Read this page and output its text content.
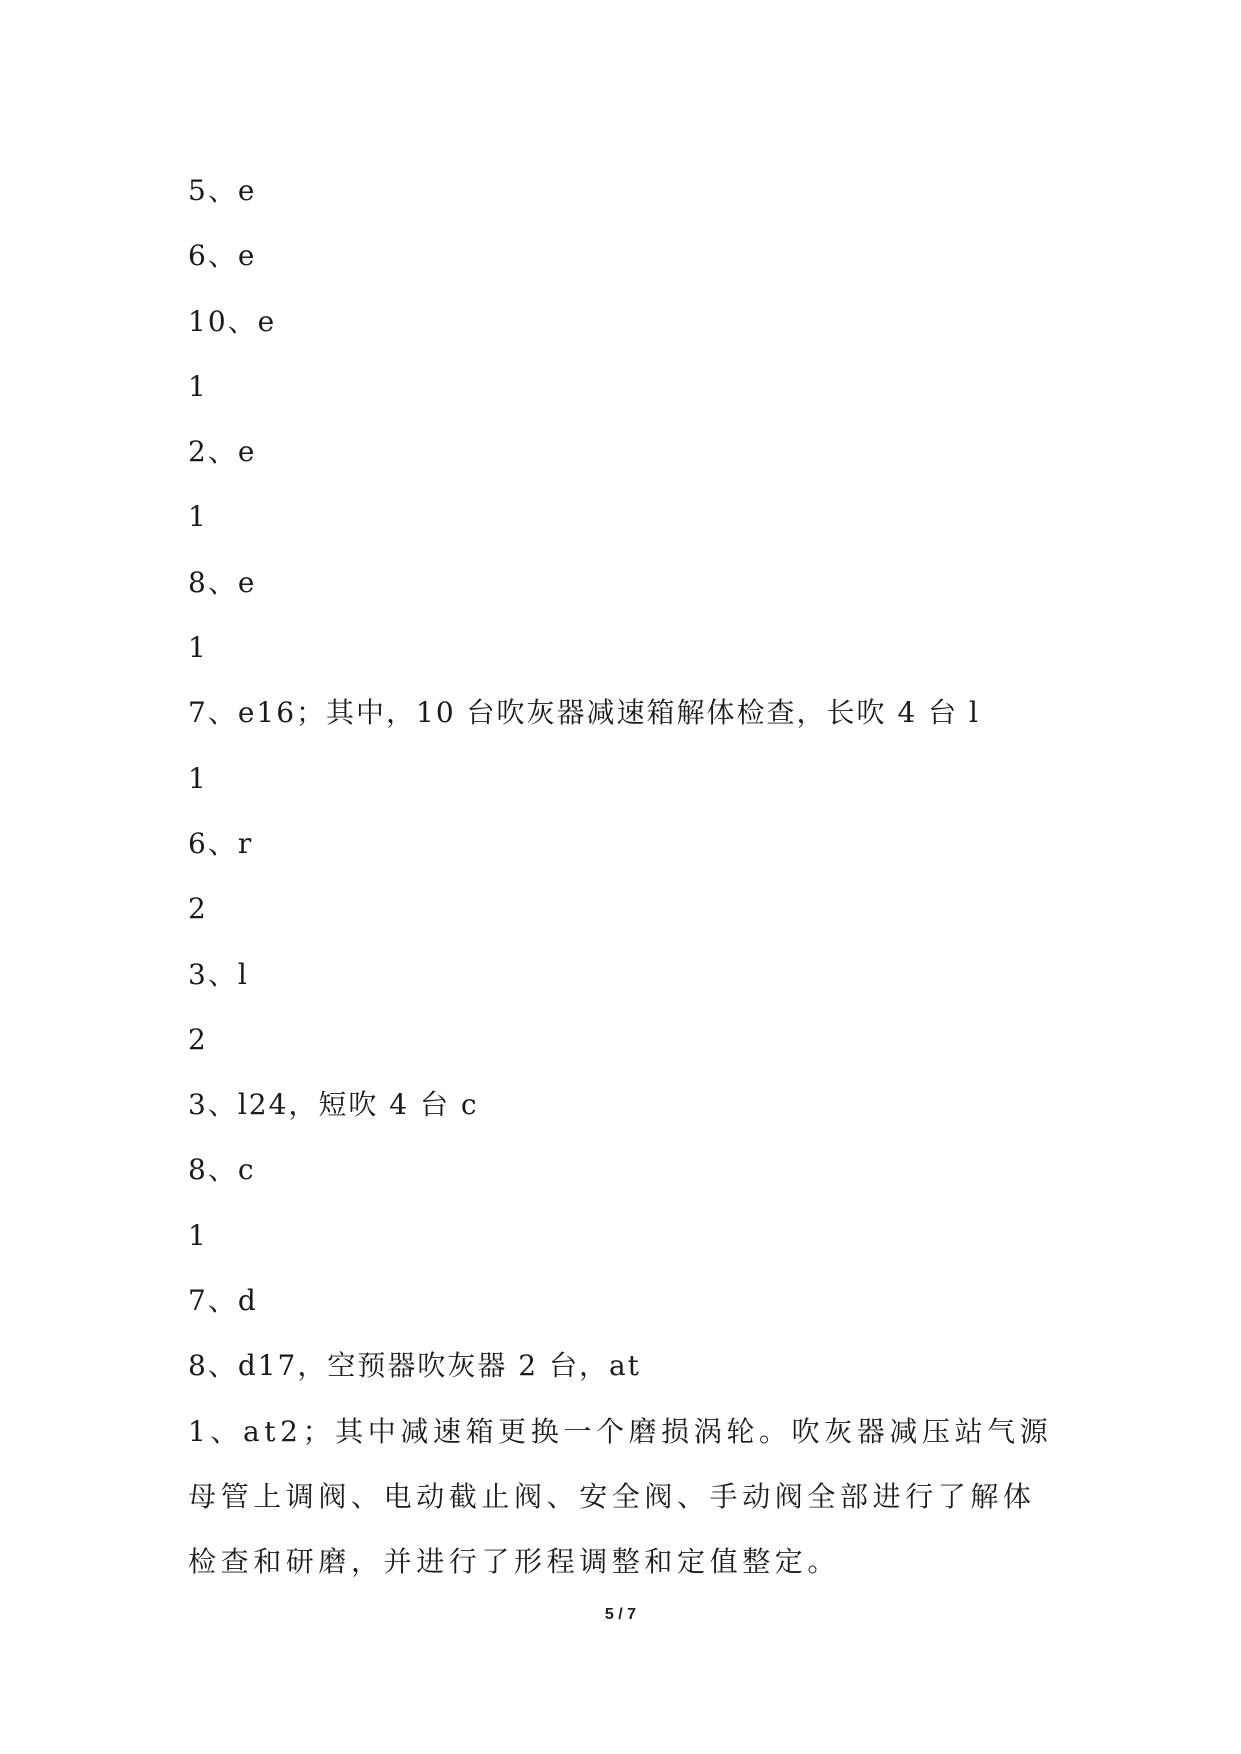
5、e
6、e
10、e
1
2、e
1
8、e
1
7、e16；其中，10 台吹灰器减速箱解体检查，长吹 4 台 l
1
6、r
2
3、l
2
3、l24，短吹 4 台 c
8、c
1
7、d
8、d17，空预器吹灰器 2 台，at
1、at2；其中减速箱更换一个磨损涡轮。吹灰器减压站气源母管上调阀、电动截止阀、安全阀、手动阀全部进行了解体检查和研磨，并进行了形程调整和定值整定。
5 / 7
